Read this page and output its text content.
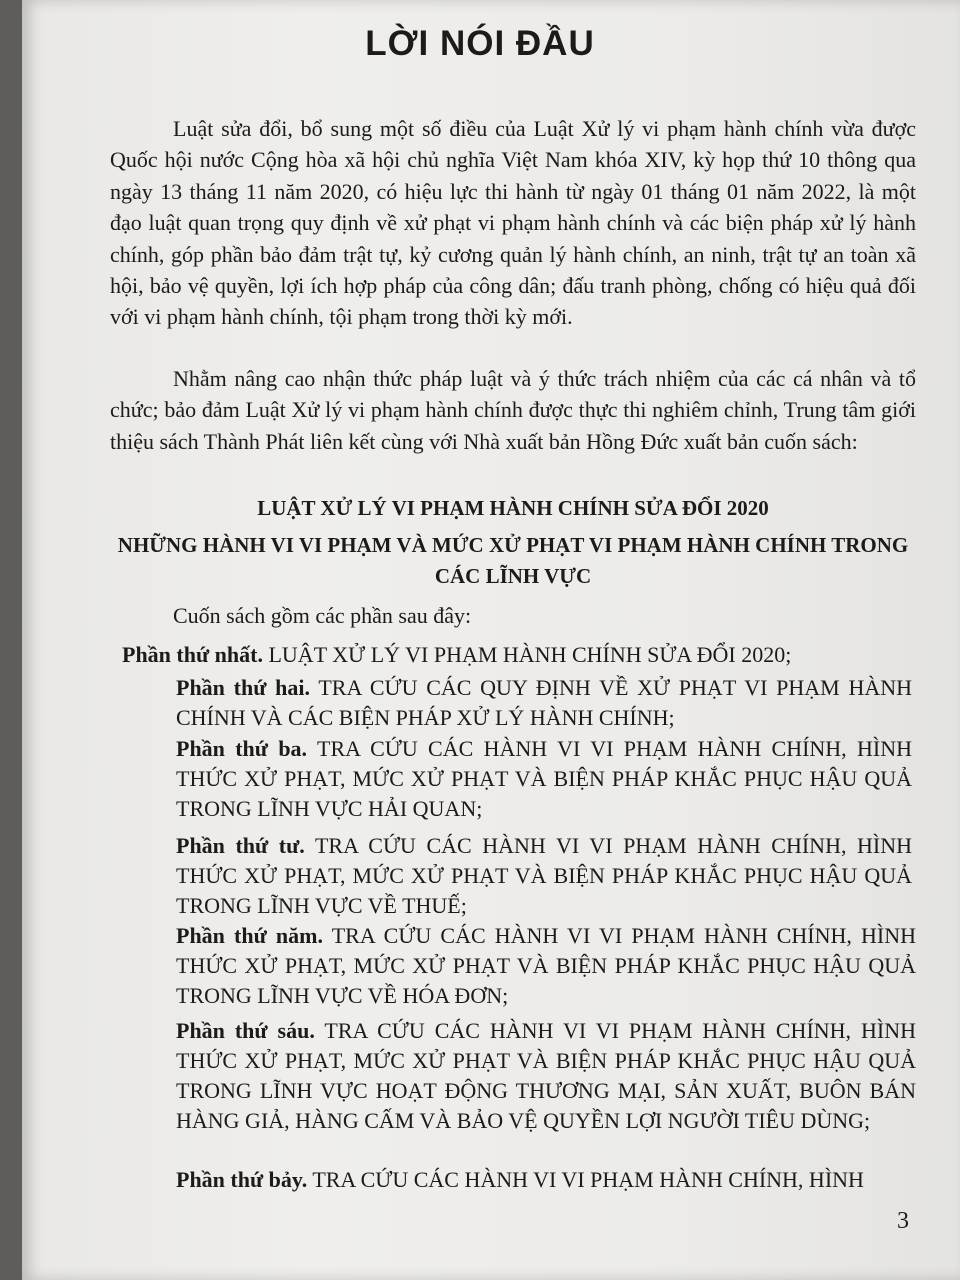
LỜI NÓI ĐẦU

Luật sửa đổi, bổ sung một số điều của Luật Xử lý vi phạm hành chính vừa được Quốc hội nước Cộng hòa xã hội chủ nghĩa Việt Nam khóa XIV, kỳ họp thứ 10 thông qua ngày 13 tháng 11 năm 2020, có hiệu lực thi hành từ ngày 01 tháng 01 năm 2022, là một đạo luật quan trọng quy định về xử phạt vi phạm hành chính và các biện pháp xử lý hành chính, góp phần bảo đảm trật tự, kỷ cương quản lý hành chính, an ninh, trật tự an toàn xã hội, bảo vệ quyền, lợi ích hợp pháp của công dân; đấu tranh phòng, chống có hiệu quả đối với vi phạm hành chính, tội phạm trong thời kỳ mới.

Nhằm nâng cao nhận thức pháp luật và ý thức trách nhiệm của các cá nhân và tổ chức; bảo đảm Luật Xử lý vi phạm hành chính được thực thi nghiêm chỉnh, Trung tâm giới thiệu sách Thành Phát liên kết cùng với Nhà xuất bản Hồng Đức xuất bản cuốn sách:

LUẬT XỬ LÝ VI PHẠM HÀNH CHÍNH SỬA ĐỔI 2020
NHỮNG HÀNH VI VI PHẠM VÀ MỨC XỬ PHẠT VI PHẠM HÀNH CHÍNH TRONG CÁC LĨNH VỰC

Cuốn sách gồm các phần sau đây:

Phần thứ nhất. LUẬT XỬ LÝ VI PHẠM HÀNH CHÍNH SỬA ĐỔI 2020;

Phần thứ hai. TRA CỨU CÁC QUY ĐỊNH VỀ XỬ PHẠT VI PHẠM HÀNH CHÍNH VÀ CÁC BIỆN PHÁP XỬ LÝ HÀNH CHÍNH;

Phần thứ ba. TRA CỨU CÁC HÀNH VI VI PHẠM HÀNH CHÍNH, HÌNH THỨC XỬ PHẠT, MỨC XỬ PHẠT VÀ BIỆN PHÁP KHẮC PHỤC HẬU QUẢ TRONG LĨNH VỰC HẢI QUAN;

Phần thứ tư. TRA CỨU CÁC HÀNH VI VI PHẠM HÀNH CHÍNH, HÌNH THỨC XỬ PHẠT, MỨC XỬ PHẠT VÀ BIỆN PHÁP KHẮC PHỤC HẬU QUẢ TRONG LĨNH VỰC VỀ THUẾ;

Phần thứ năm. TRA CỨU CÁC HÀNH VI VI PHẠM HÀNH CHÍNH, HÌNH THỨC XỬ PHẠT, MỨC XỬ PHẠT VÀ BIỆN PHÁP KHẮC PHỤC HẬU QUẢ TRONG LĨNH VỰC VỀ HÓA ĐƠN;

Phần thứ sáu. TRA CỨU CÁC HÀNH VI VI PHẠM HÀNH CHÍNH, HÌNH THỨC XỬ PHẠT, MỨC XỬ PHẠT VÀ BIỆN PHÁP KHẮC PHỤC HẬU QUẢ TRONG LĨNH VỰC HOẠT ĐỘNG THƯƠNG MẠI, SẢN XUẤT, BUÔN BÁN HÀNG GIẢ, HÀNG CẤM VÀ BẢO VỆ QUYỀN LỢI NGƯỜI TIÊU DÙNG;

Phần thứ bảy. TRA CỨU CÁC HÀNH VI VI PHẠM HÀNH CHÍNH, HÌNH

3
